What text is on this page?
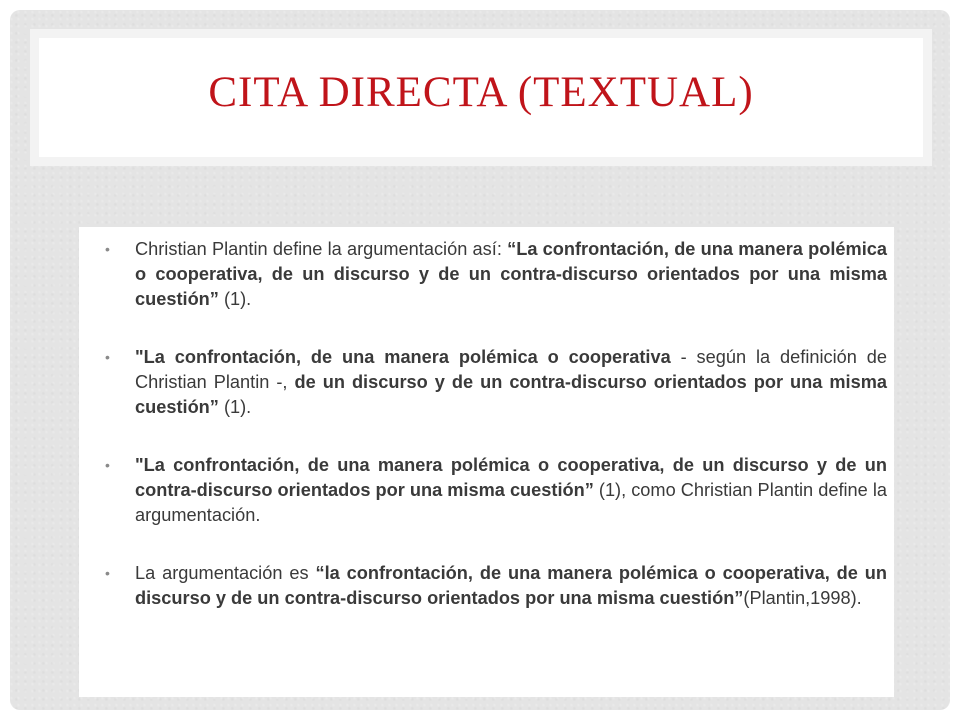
CITA DIRECTA (TEXTUAL)
• Christian Plantin define la argumentación así: “La confrontación, de una manera polémica o cooperativa, de un discurso y de un contra-discurso orientados por una misma cuestión” (1).
• "La confrontación, de una manera polémica o cooperativa - según la definición de Christian Plantin -, de un discurso y de un contra-discurso orientados por una misma cuestión” (1).
• "La confrontación, de una manera polémica o cooperativa, de un discurso y de un contra-discurso orientados por una misma cuestión” (1), como Christian Plantin define la argumentación.
• La argumentación es “la confrontación, de una manera polémica o cooperativa, de un discurso y de un contra-discurso orientados por una misma cuestión”(Plantin,1998).
